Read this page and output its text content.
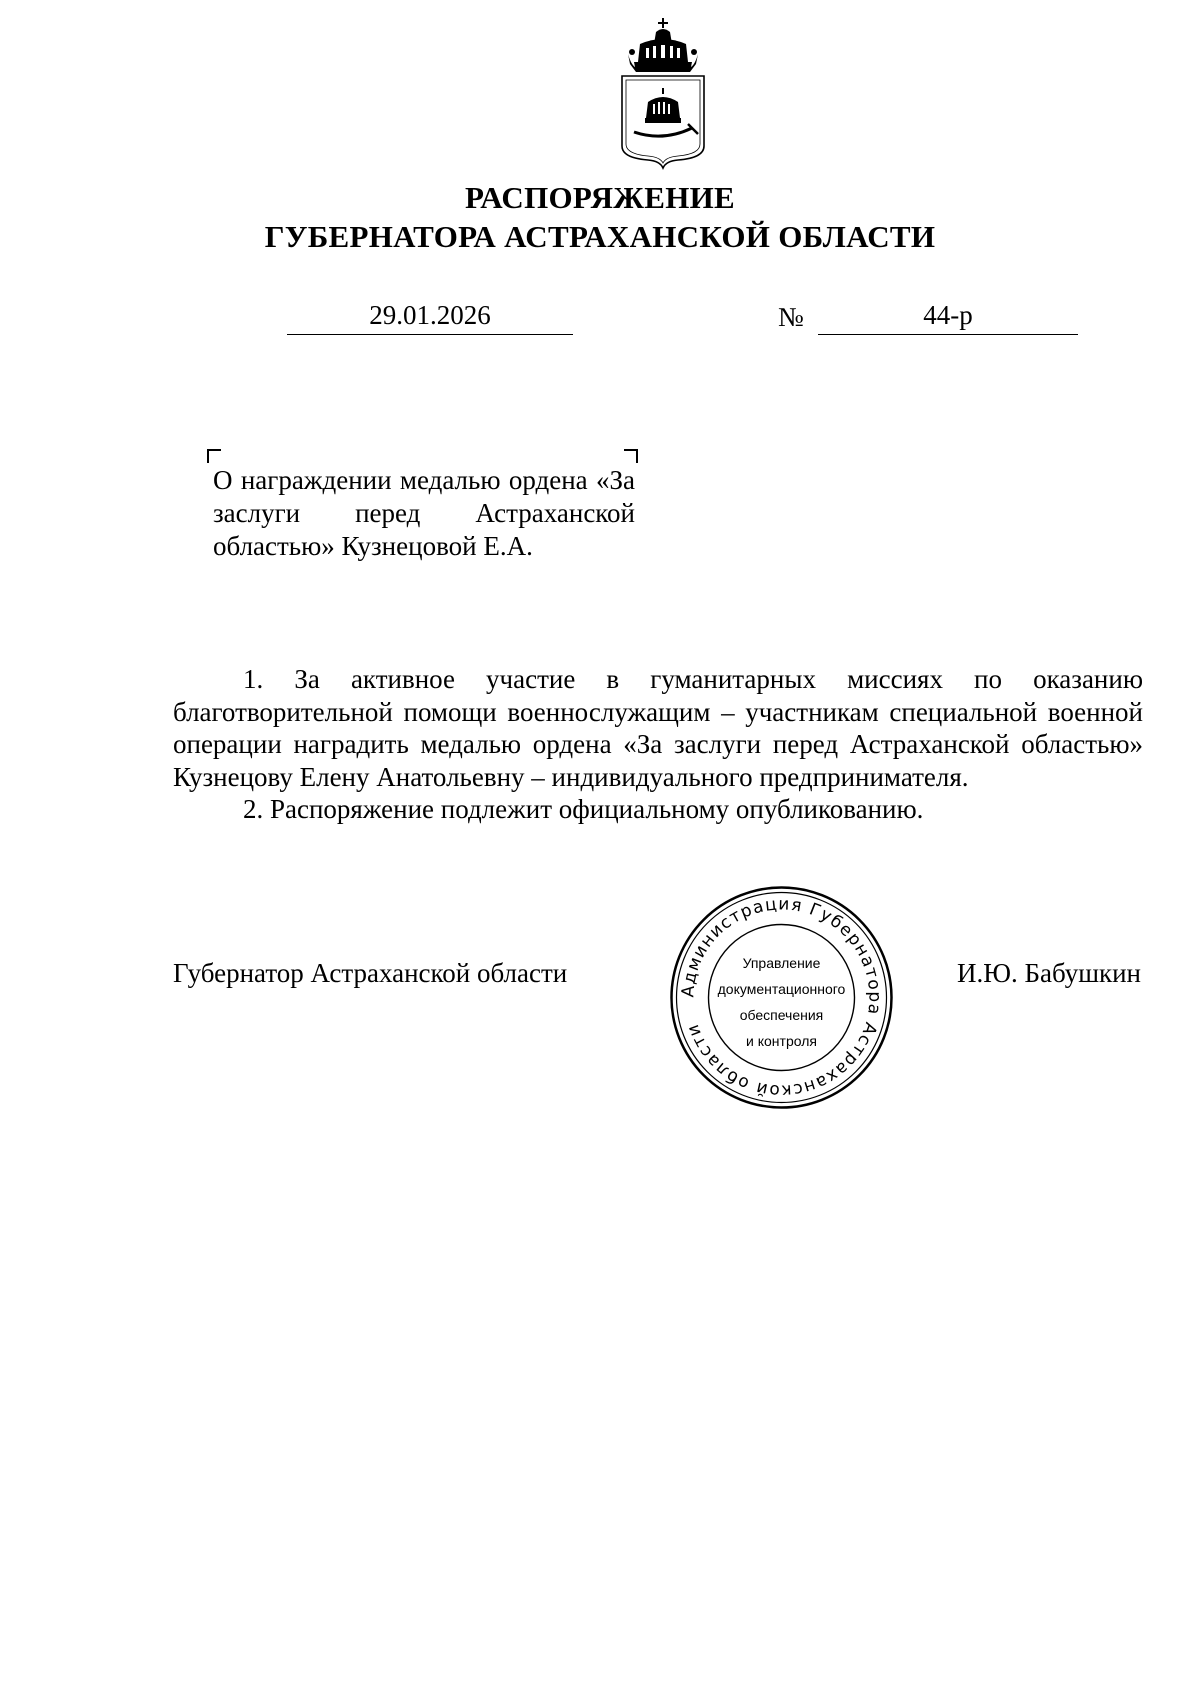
РАСПОРЯЖЕНИЕ
ГУБЕРНАТОРА АСТРАХАНСКОЙ ОБЛАСТИ
29.01.2026	№	44-р
О награждении медалью ордена «За заслуги перед Астраханской областью» Кузнецовой Е.А.

1. За активное участие в гуманитарных миссиях по оказанию благотворительной помощи военнослужащим – участникам специальной военной операции наградить медалью ордена «За заслуги перед Астраханской областью» Кузнецову Елену Анатольевну – индивидуального предпринимателя.

2. Распоряжение подлежит официальному опубликованию.

Губернатор Астраханской области	И.Ю. Бабушкин
Администрация Губернатора Астраханской области
Управление
документационного
обеспечения
и контроля
